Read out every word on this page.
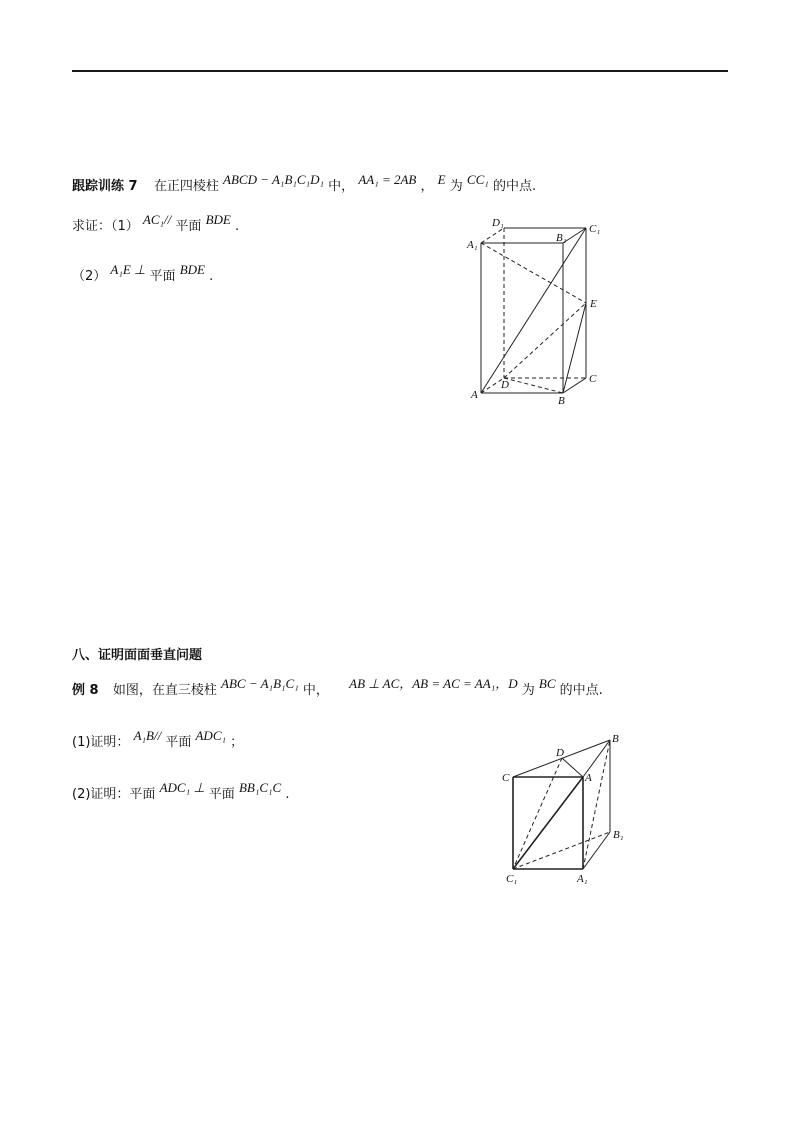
跟踪训练 7 在正四棱柱 ABCD − A₁B₁C₁D₁ 中， AA₁ = 2AB ， E 为 CC₁ 的中点.
求证：（1） AC₁// 平面 BDE .
（2） A₁E ⊥ 平面 BDE .
D₁	C₁
A₁
B₁
E
D	C
A	B
八、证明面面垂直问题
例 8 如图，在直三棱柱 ABC − A₁B₁C₁ 中， AB ⊥ AC，AB = AC = AA₁，D 为 BC 的中点.
(1)证明： A₁B// 平面 ADC₁ ；
(2)证明：平面 ADC₁ ⊥ 平面 BB₁C₁C .
B
D
C	A
B₁
C₁	A₁
